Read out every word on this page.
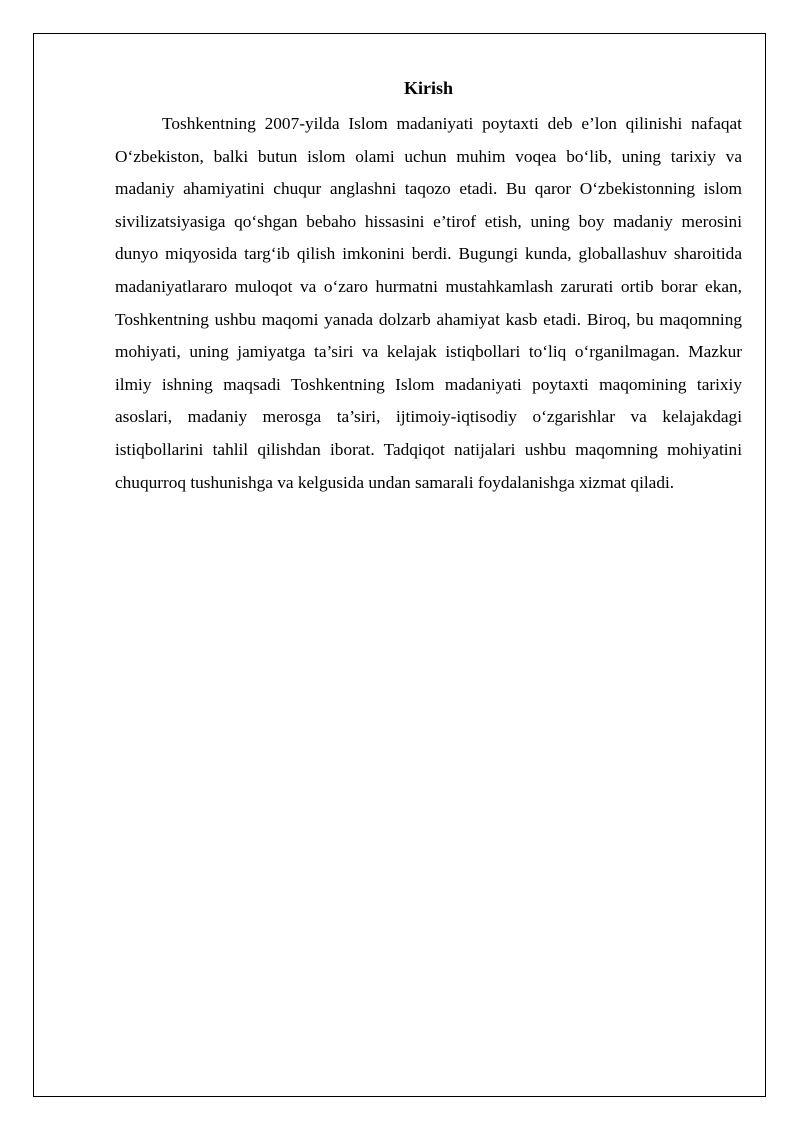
Kirish

Toshkentning 2007-yilda Islom madaniyati poytaxti deb e’lon qilinishi nafaqat O‘zbekiston, balki butun islom olami uchun muhim voqea bo‘lib, uning tarixiy va madaniy ahamiyatini chuqur anglashni taqozo etadi. Bu qaror O‘zbekistonning islom sivilizatsiyasiga qo‘shgan bebaho hissasini e’tirof etish, uning boy madaniy merosini dunyo miqyosida targ‘ib qilish imkonini berdi. Bugungi kunda, globallashuv sharoitida madaniyatlararo muloqot va o‘zaro hurmatni mustahkamlash zarurati ortib borar ekan, Toshkentning ushbu maqomi yanada dolzarb ahamiyat kasb etadi. Biroq, bu maqomning mohiyati, uning jamiyatga ta’siri va kelajak istiqbollari to‘liq o‘rganilmagan. Mazkur ilmiy ishning maqsadi Toshkentning Islom madaniyati poytaxti maqomining tarixiy asoslari, madaniy merosga ta’siri, ijtimoiy-iqtisodiy o‘zgarishlar va kelajakdagi istiqbollarini tahlil qilishdan iborat. Tadqiqot natijalari ushbu maqomning mohiyatini chuqurroq tushunishga va kelgusida undan samarali foydalanishga xizmat qiladi.
